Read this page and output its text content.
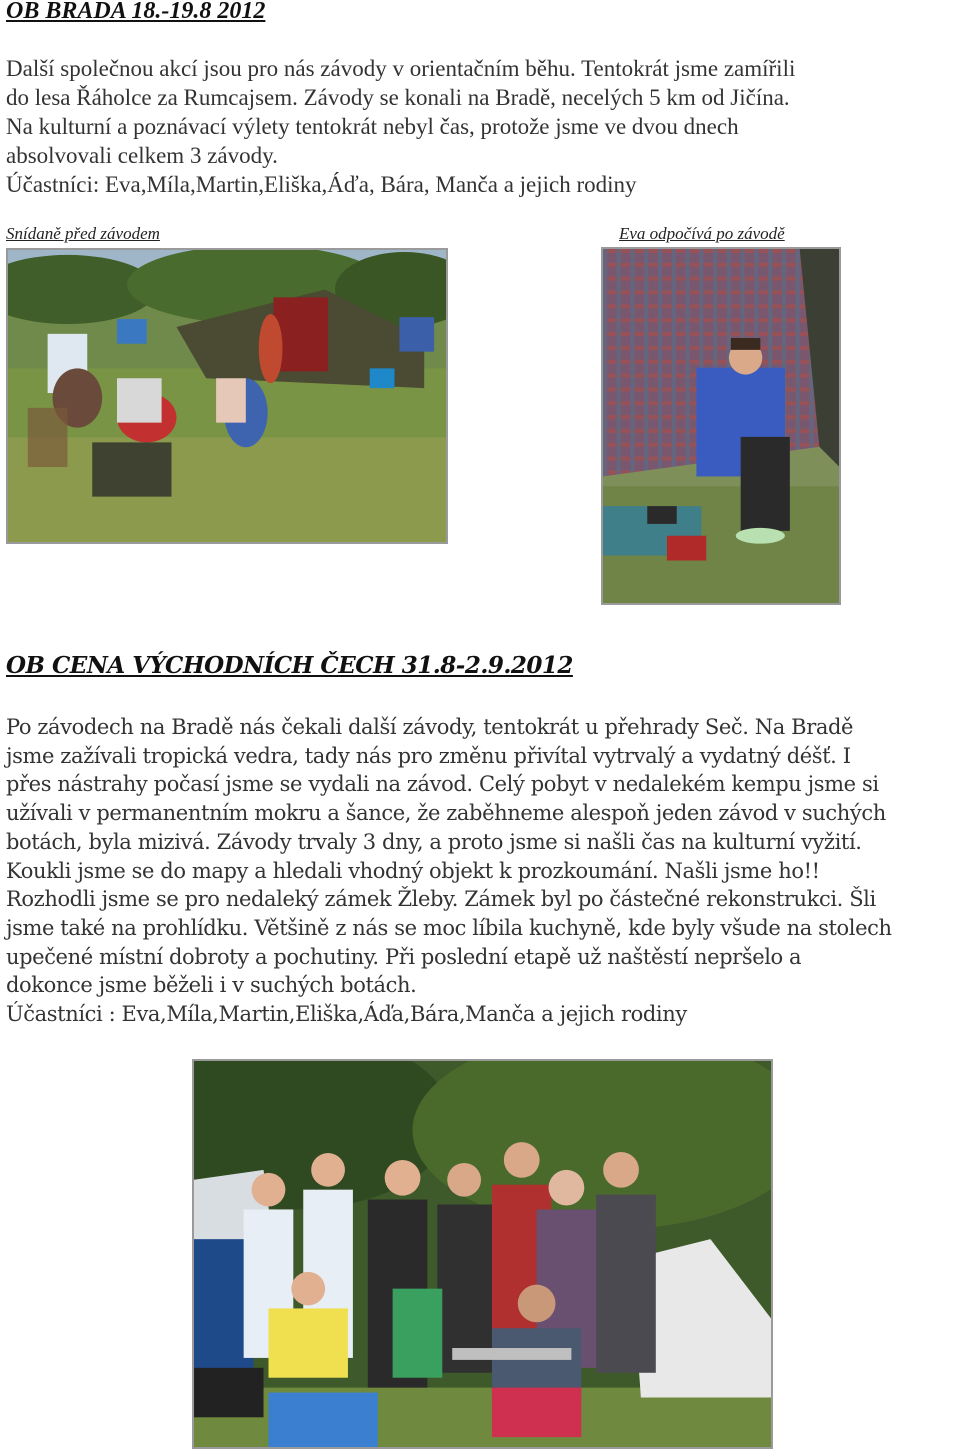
OB BRADA 18.-19.8 2012

Další společnou akcí jsou pro nás závody v orientačním běhu. Tentokrát jsme zamířili

do lesa Řáholce za Rumcajsem. Závody se konali na Bradě, necelých 5 km od Jičína.

Na kulturní a poznávací výlety tentokrát nebyl čas, protože jsme ve dvou dnech

absolvovali celkem 3 závody.

Účastníci: Eva,Míla,Martin,Eliška,Áďa, Bára, Manča a jejich rodiny

Snídaně před závodem	Eva odpočívá po závodě
OB CENA VÝCHODNÍCH ČECH 31.8-2.9.2012

Po závodech na Bradě nás čekali další závody, tentokrát u přehrady Seč. Na Bradě

jsme zažívali tropická vedra, tady nás pro změnu přivítal vytrvalý a vydatný déšť. I

přes nástrahy počasí jsme se vydali na závod. Celý pobyt v nedalekém kempu jsme si

užívali v permanentním mokru a šance, že zaběhneme alespoň jeden závod v suchých

botách, byla mizivá. Závody trvaly 3 dny, a proto jsme si našli čas na kulturní vyžití.

Koukli jsme se do mapy a hledali vhodný objekt k prozkoumání. Našli jsme ho!!

Rozhodli jsme se pro nedaleký zámek Žleby. Zámek byl po částečné rekonstrukci. Šli

jsme také na prohlídku. Většině z nás se moc líbila kuchyně, kde byly všude na stolech

upečené místní dobroty a pochutiny. Při poslední etapě už naštěstí nepršelo a

dokonce jsme běželi i v suchých botách.

Účastníci : Eva,Míla,Martin,Eliška,Áďa,Bára,Manča a jejich rodiny
